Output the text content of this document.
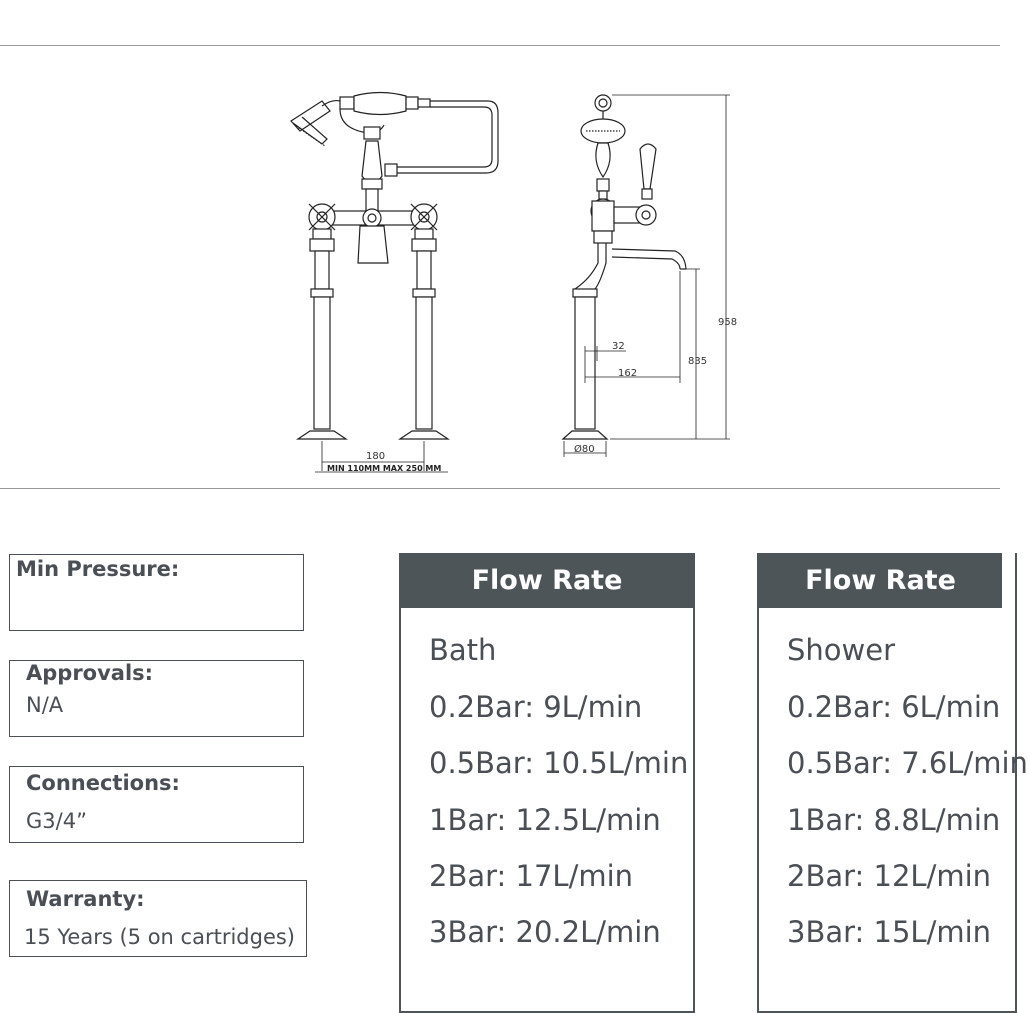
180
MIN 110MM MAX 250 MM
958
835
32
162
Ø80
Min Pressure:
Approvals:
N/A
Connections:
G3/4”
Warranty:
15 Years (5 on cartridges)
Flow Rate
Bath
0.2Bar: 9L/min
0.5Bar: 10.5L/min
1Bar: 12.5L/min
2Bar: 17L/min
3Bar: 20.2L/min
Flow Rate
Shower
0.2Bar: 6L/min
0.5Bar: 7.6L/min
1Bar: 8.8L/min
2Bar: 12L/min
3Bar: 15L/min
